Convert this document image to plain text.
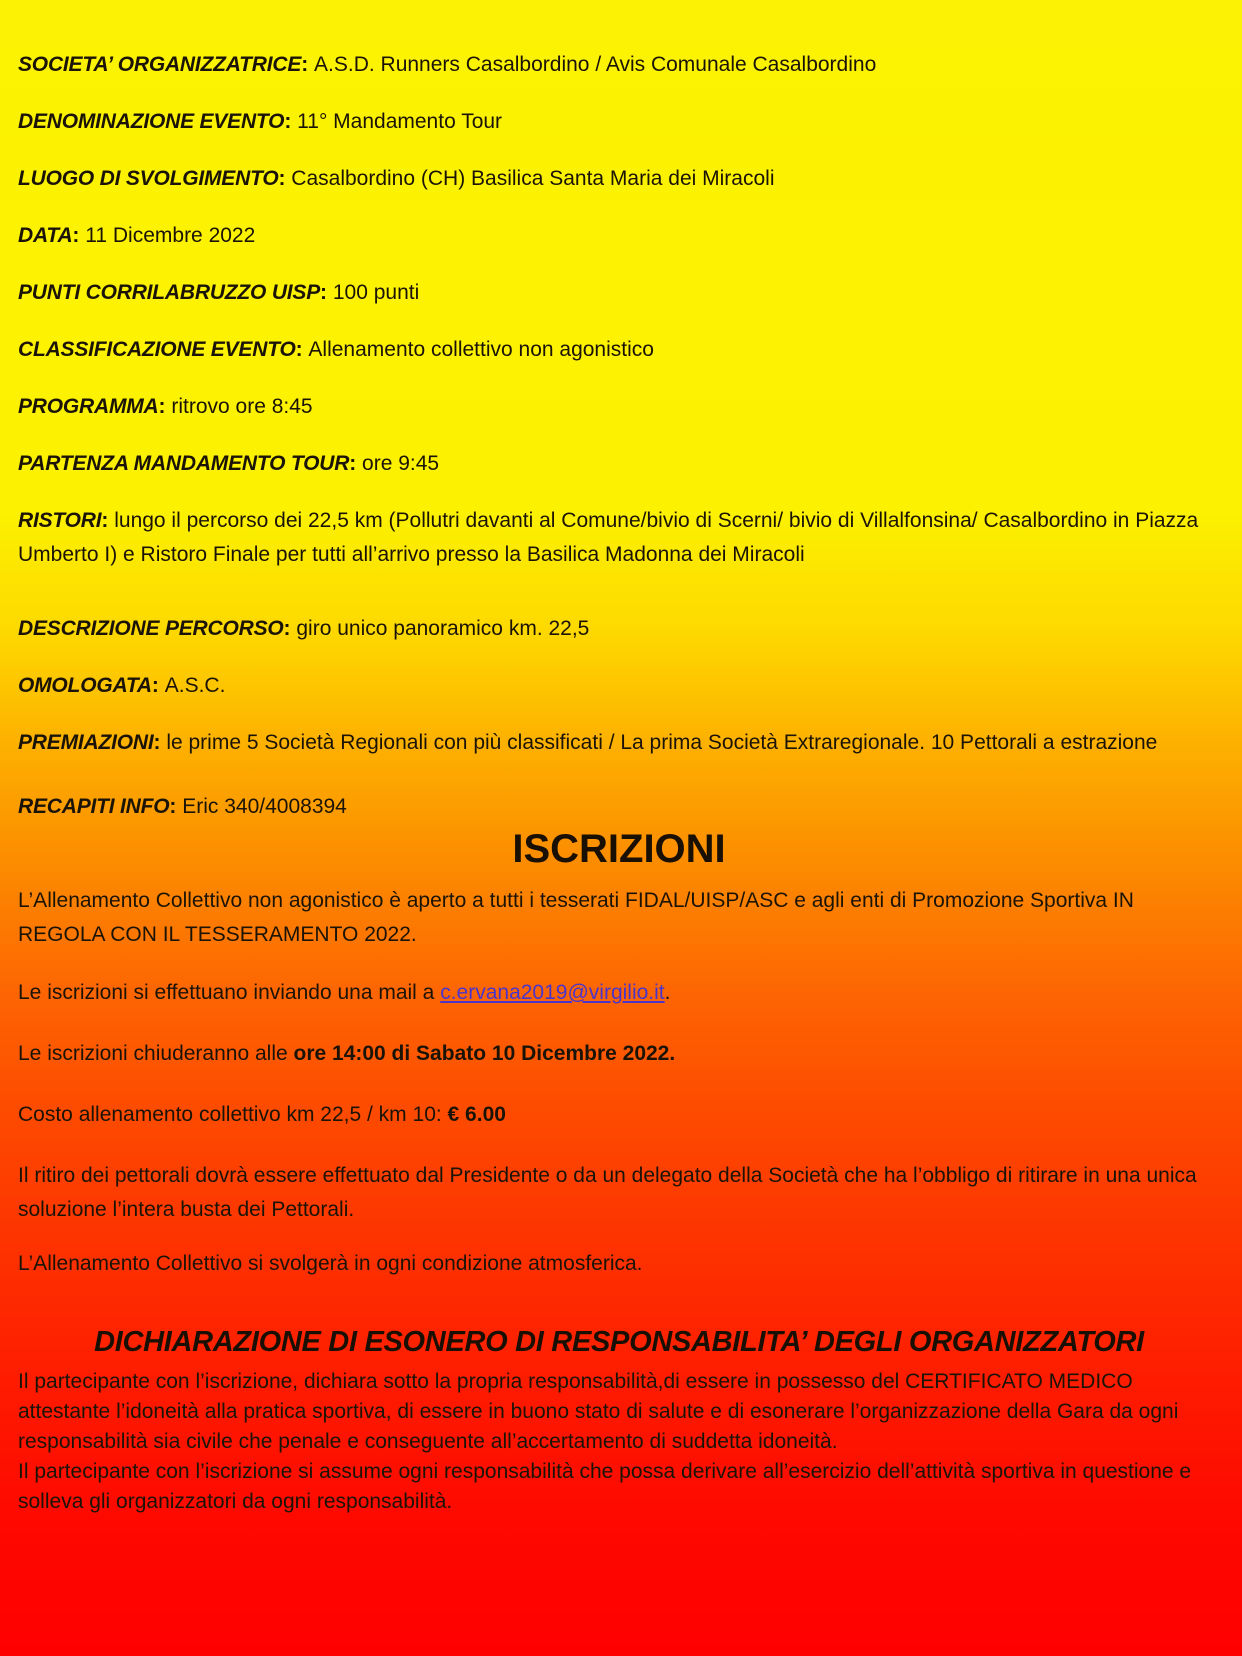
SOCIETA’ ORGANIZZATRICE: A.S.D. Runners Casalbordino / Avis Comunale Casalbordino

DENOMINAZIONE EVENTO: 11° Mandamento Tour

LUOGO DI SVOLGIMENTO: Casalbordino (CH) Basilica Santa Maria dei Miracoli

DATA: 11 Dicembre 2022

PUNTI CORRILABRUZZO UISP: 100 punti

CLASSIFICAZIONE EVENTO: Allenamento collettivo non agonistico

PROGRAMMA: ritrovo ore 8:45

PARTENZA MANDAMENTO TOUR: ore 9:45

RISTORI: lungo il percorso dei 22,5 km (Pollutri davanti al Comune/bivio di Scerni/ bivio di Villalfonsina/ Casalbordino in Piazza Umberto I) e Ristoro Finale per tutti all’arrivo presso la Basilica Madonna dei Miracoli

DESCRIZIONE PERCORSO: giro unico panoramico km. 22,5

OMOLOGATA: A.S.C.

PREMIAZIONI: le prime 5 Società Regionali con più classificati / La prima Società Extraregionale. 10 Pettorali a estrazione

RECAPITI INFO: Eric 340/4008394

ISCRIZIONI

L’Allenamento Collettivo non agonistico è aperto a tutti i tesserati FIDAL/UISP/ASC e agli enti di Promozione Sportiva IN REGOLA CON IL TESSERAMENTO 2022.

Le iscrizioni si effettuano inviando una mail a c.ervana2019@virgilio.it.

Le iscrizioni chiuderanno alle ore 14:00 di Sabato 10 Dicembre 2022.

Costo allenamento collettivo km 22,5 / km 10: € 6.00

Il ritiro dei pettorali dovrà essere effettuato dal Presidente o da un delegato della Società che ha l’obbligo di ritirare in una unica soluzione l’intera busta dei Pettorali.

L’Allenamento Collettivo si svolgerà in ogni condizione atmosferica.

DICHIARAZIONE DI ESONERO DI RESPONSABILITA’ DEGLI ORGANIZZATORI

Il partecipante con l’iscrizione, dichiara sotto la propria responsabilità,di essere in possesso del CERTIFICATO MEDICO attestante l’idoneità alla pratica sportiva, di essere in buono stato di salute e di esonerare l’organizzazione della Gara da ogni responsabilità sia civile che penale e conseguente all’accertamento di suddetta idoneità.

Il partecipante con l’iscrizione si assume ogni responsabilità che possa derivare all’esercizio dell’attività sportiva in questione e solleva gli organizzatori da ogni responsabilità.
